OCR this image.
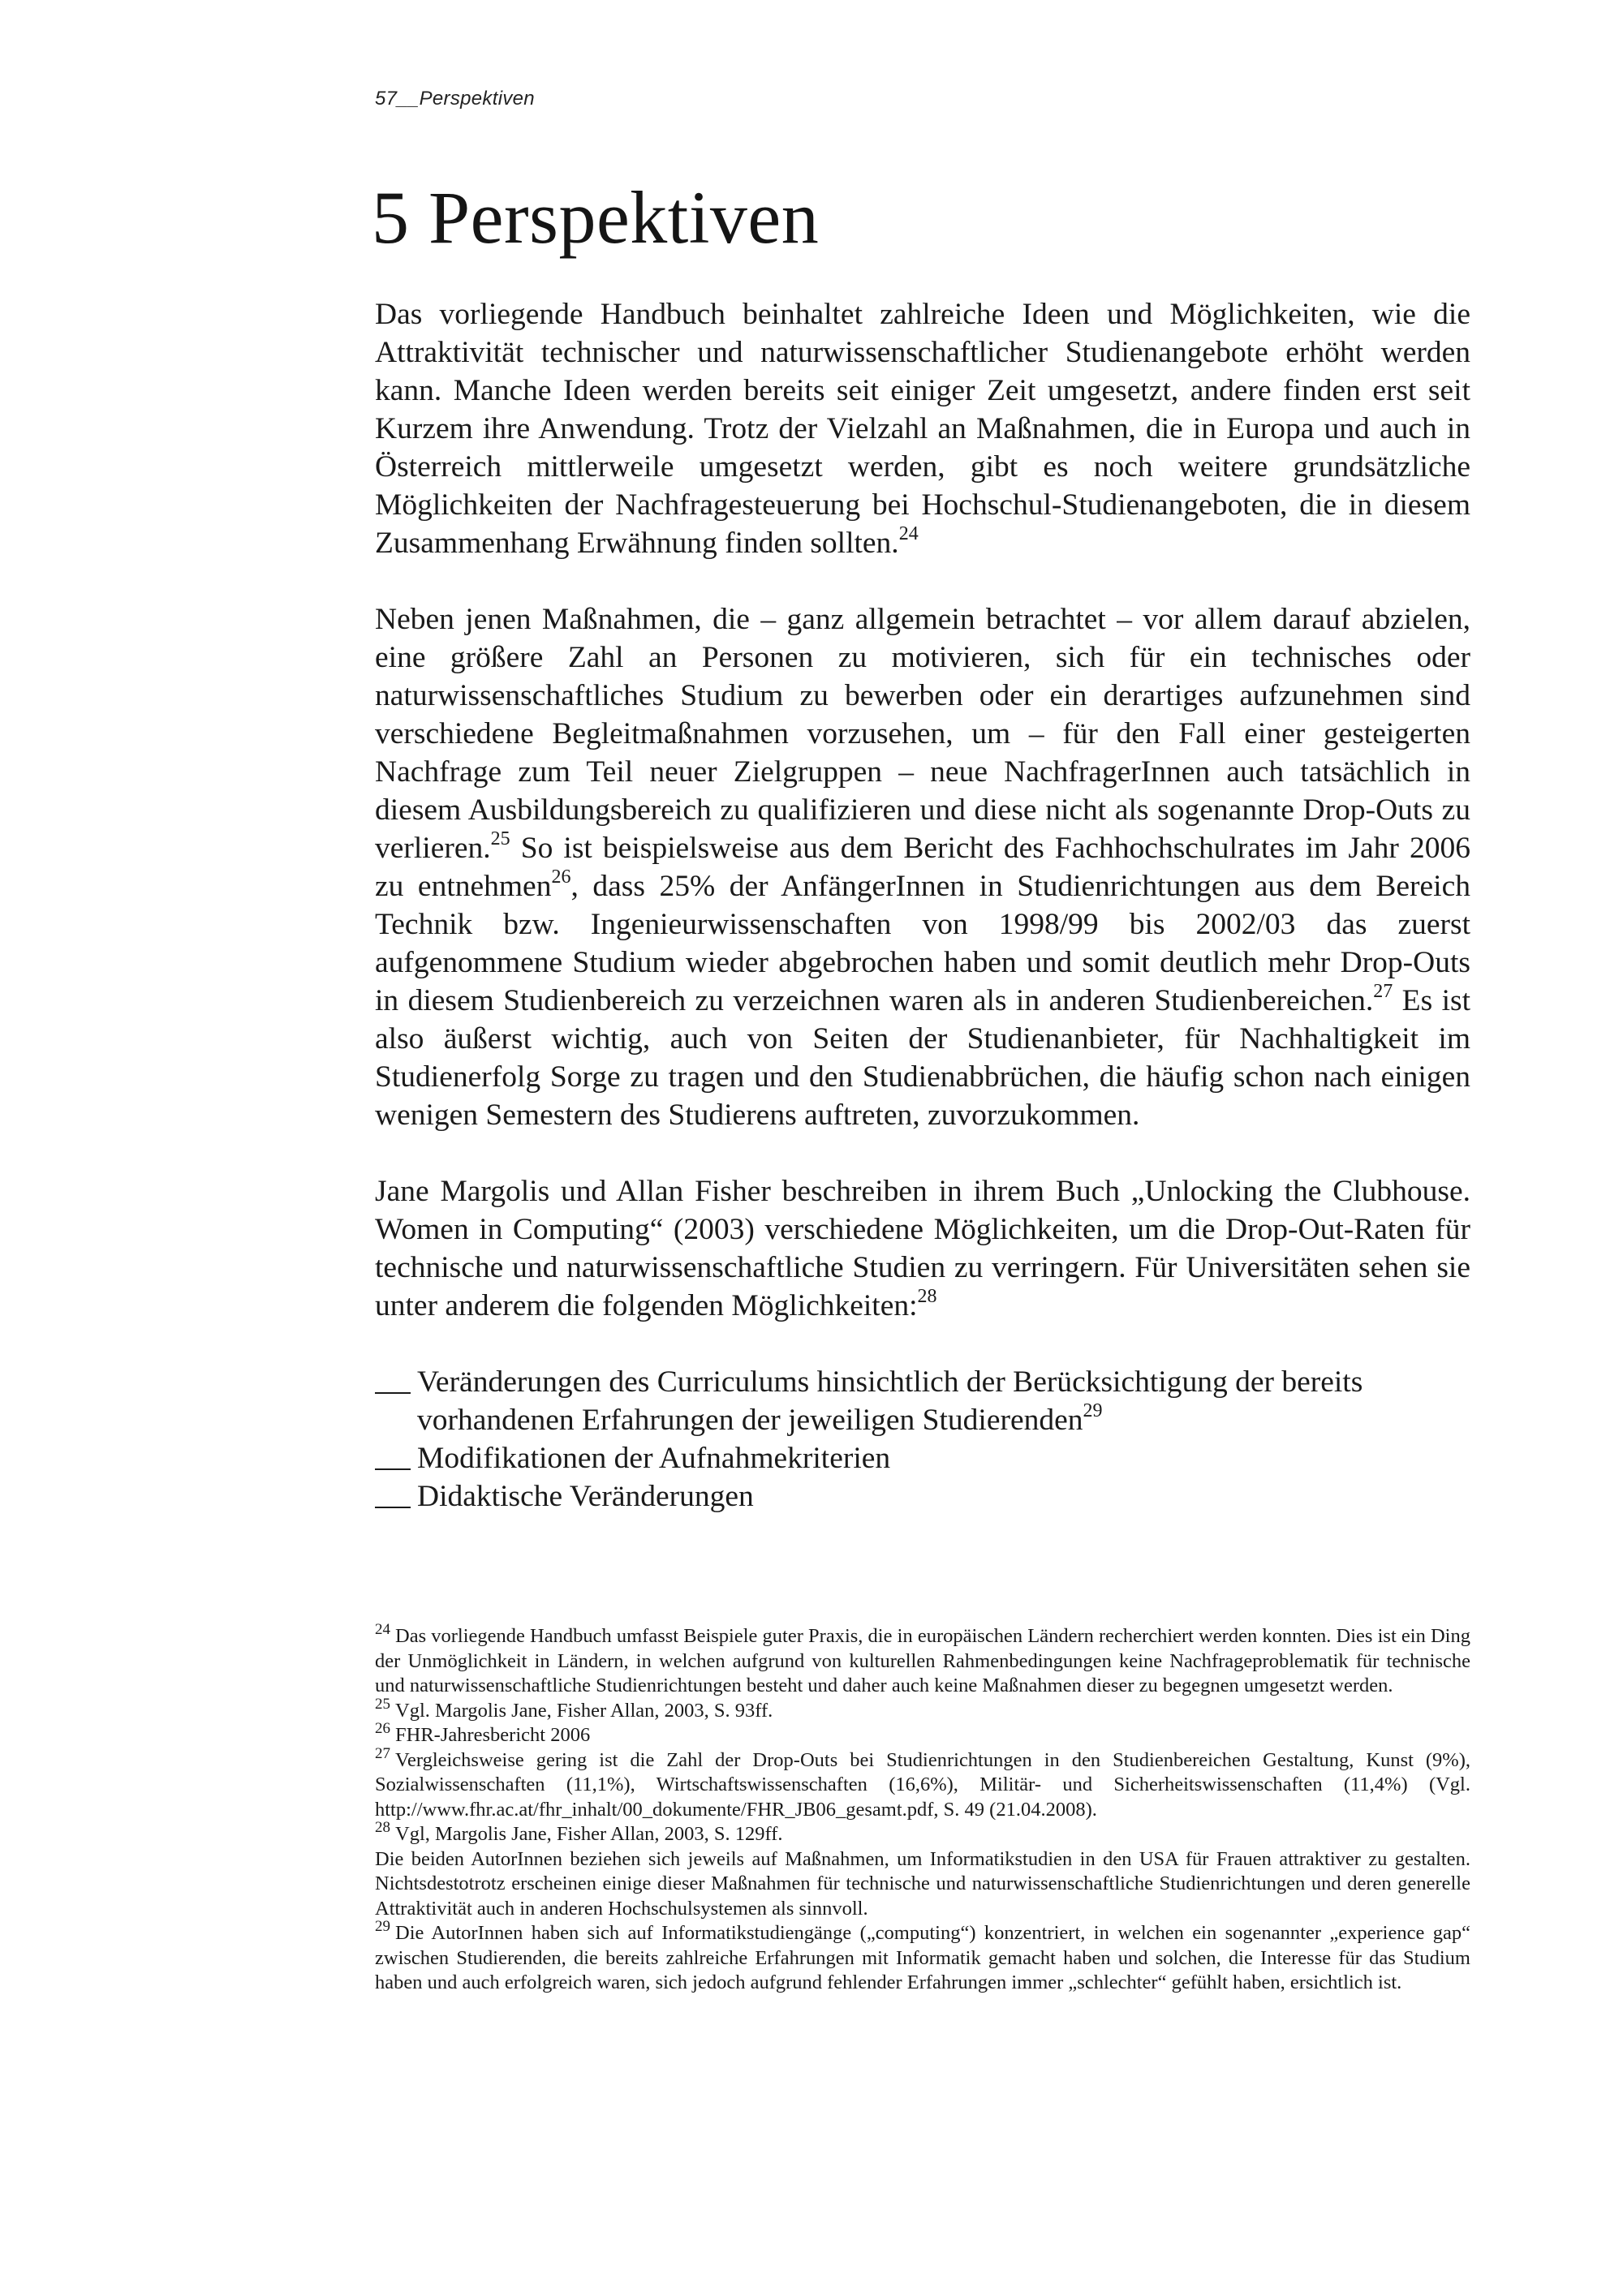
57__Perspektiven
5 Perspektiven

Das vorliegende Handbuch beinhaltet zahlreiche Ideen und Möglichkeiten, wie die Attraktivität technischer und naturwissenschaftlicher Studienangebote erhöht werden kann. Manche Ideen werden bereits seit einiger Zeit umgesetzt, andere finden erst seit Kurzem ihre Anwendung. Trotz der Vielzahl an Maßnahmen, die in Europa und auch in Österreich mittlerweile umgesetzt werden, gibt es noch weitere grundsätzliche Möglichkeiten der Nachfragesteuerung bei Hochschul-Studienangeboten, die in diesem Zusammenhang Erwähnung finden sollten.$^{24}$

Neben jenen Maßnahmen, die – ganz allgemein betrachtet – vor allem darauf abzielen, eine größere Zahl an Personen zu motivieren, sich für ein technisches oder naturwissenschaftliches Studium zu bewerben oder ein derartiges aufzunehmen sind verschiedene Begleitmaßnahmen vorzusehen, um – für den Fall einer gesteigerten Nachfrage zum Teil neuer Zielgruppen – neue NachfragerInnen auch tatsächlich in diesem Ausbildungsbereich zu qualifizieren und diese nicht als sogenannte Drop-Outs zu verlieren.$^{25}$ So ist beispielsweise aus dem Bericht des Fachhochschulrates im Jahr 2006 zu entnehmen$^{26}$, dass 25% der AnfängerInnen in Studienrichtungen aus dem Bereich Technik bzw. Ingenieurwissenschaften von 1998/99 bis 2002/03 das zuerst aufgenommene Studium wieder abgebrochen haben und somit deutlich mehr Drop-Outs in diesem Studienbereich zu verzeichnen waren als in anderen Studienbereichen.$^{27}$ Es ist also äußerst wichtig, auch von Seiten der Studienanbieter, für Nachhaltigkeit im Studienerfolg Sorge zu tragen und den Studienabbrüchen, die häufig schon nach einigen wenigen Semestern des Studierens auftreten, zuvorzukommen.

Jane Margolis und Allan Fisher beschreiben in ihrem Buch „Unlocking the Clubhouse. Women in Computing“ (2003) verschiedene Möglichkeiten, um die Drop-Out-Raten für technische und naturwissenschaftliche Studien zu verringern. Für Universitäten sehen sie unter anderem die folgenden Möglichkeiten:$^{28}$

Veränderungen des Curriculums hinsichtlich der Berücksichtigung der bereits vorhandenen Erfahrungen der jeweiligen Studierenden$^{29}$
Modifikationen der Aufnahmekriterien
Didaktische Veränderungen

$^{24}$ Das vorliegende Handbuch umfasst Beispiele guter Praxis, die in europäischen Ländern recherchiert werden konnten. Dies ist ein Ding der Unmöglichkeit in Ländern, in welchen aufgrund von kulturellen Rahmenbedingungen keine Nachfrageproblematik für technische und naturwissenschaftliche Studienrichtungen besteht und daher auch keine Maßnahmen dieser zu begegnen umgesetzt werden.

$^{25}$ Vgl. Margolis Jane, Fisher Allan, 2003, S. 93ff.

$^{26}$ FHR-Jahresbericht 2006

$^{27}$ Vergleichsweise gering ist die Zahl der Drop-Outs bei Studienrichtungen in den Studienbereichen Gestaltung, Kunst (9%), Sozialwissenschaften (11,1%), Wirtschaftswissenschaften (16,6%), Militär- und Sicherheitswissenschaften (11,4%) (Vgl. http://www.fhr.ac.at/fhr_inhalt/00_dokumente/FHR_JB06_gesamt.pdf, S. 49 (21.04.2008).

$^{28}$ Vgl, Margolis Jane, Fisher Allan, 2003, S. 129ff.

Die beiden AutorInnen beziehen sich jeweils auf Maßnahmen, um Informatikstudien in den USA für Frauen attraktiver zu gestalten. Nichtsdestotrotz erscheinen einige dieser Maßnahmen für technische und naturwissenschaftliche Studienrichtungen und deren generelle Attraktivität auch in anderen Hochschulsystemen als sinnvoll.

$^{29}$ Die AutorInnen haben sich auf Informatikstudiengänge („computing“) konzentriert, in welchen ein sogenannter „experience gap“ zwischen Studierenden, die bereits zahlreiche Erfahrungen mit Informatik gemacht haben und solchen, die Interesse für das Studium haben und auch erfolgreich waren, sich jedoch aufgrund fehlender Erfahrungen immer „schlechter“ gefühlt haben, ersichtlich ist.
